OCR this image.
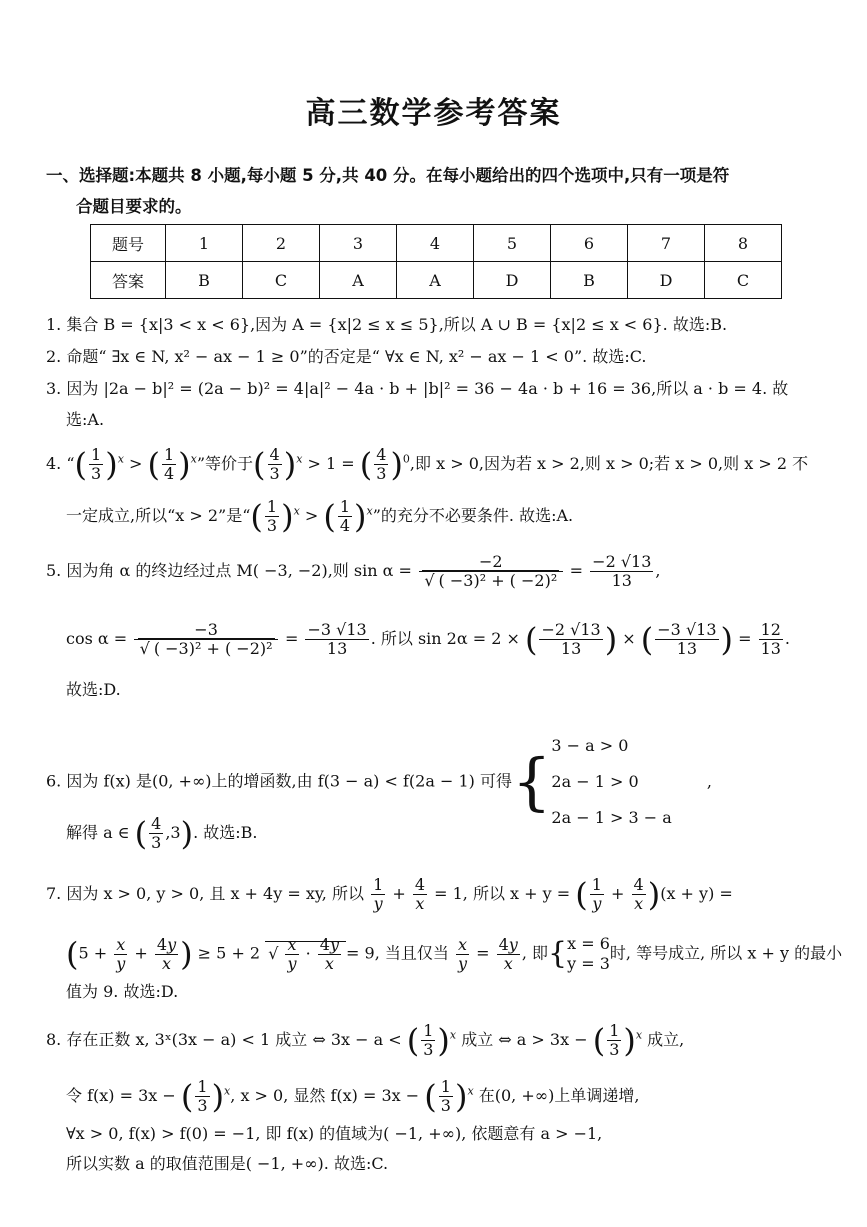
高三数学参考答案
一、选择题:本题共 8 小题,每小题 5 分,共 40 分。在每小题给出的四个选项中,只有一项是符
合题目要求的。
题号	1	2	3	4	5	6	7	8
答案	B	C	A	A	D	B	D	C
1. 集合 B = {x|3 < x < 6},因为 A = {x|2 ≤ x ≤ 5},所以 A ∪ B = {x|2 ≤ x < 6}. 故选:B.
2. 命题“ ∃x ∈ N, x² − ax − 1 ≥ 0”的否定是“ ∀x ∈ N, x² − ax − 1 < 0”. 故选:C.
3. 因为 |2a − b|² = (2a − b)² = 4|a|² − 4a · b + |b|² = 36 − 4a · b + 16 = 36,所以 a · b = 4. 故
选:A.
4. “( $\frac{1}{3} )^x$ > ( $\frac{1}{4} )^x$”等价于( $\frac{4}{3} )^x > 1$ = ( $\frac{4}{3} )^0$,即 x > 0,因为若 x > 2,则 x > 0;若 x > 0,则 x > 2 不
一定成立,所以“x > 2”是“( $\frac{1}{3} )^x$ > ( $\frac{1}{4} )^x$”的充分不必要条件. 故选:A.
5. 因为角 α 的终边经过点 M( −3, −2),则 $\sin \alpha = \frac{-2}{\text{√ ( −3)² + ( −2)²}} = \frac{-2 √13}{13}$ ,
$\cos \alpha = \frac{-3}{\text{√ ( −3)² + ( −2)²}} = \frac{-3 √13}{13}$ . 所以 sin 2α = 2 × ( $\frac{-2 √13}{13}$ ) × ( $\frac{-3 √13}{13}$ ) = $\frac{12}{13}$ .
故选:D.
6. 因为 f(x) 是(0, +∞)上的增函数,由 f(3 − a) < f(2a − 1) 可得{ 3 − a > 0
2a − 1 > 0
2a − 1 > 3 − a
,
解得 a ∈ ( $\frac{4}{3} ,3$). 故选:B.
7. 因为 x > 0, y > 0, 且 x + 4y = xy, 所以 $\frac{1}{y} + \frac{4}{x} = 1$, 所以 x + y = ( $\frac{1}{y} + \frac{4}{x} )(x + y)$ =
($5 + \frac{x}{y} + \frac{4y}{x}$ ) ≥ 5 + 2 √ $\frac{x}{y} \cdot \frac{4y}{x} = 9$, 当且仅当 $\frac{x}{y} = \frac{4y}{x}$ , 即{ x = 6
y = 3
时, 等号成立, 所以 x + y 的最小
值为 9. 故选:D.
8. 存在正数 x, 3ˣ(3x − a) < 1 成立 ⇔ 3x − a < ( $\frac{1}{3} )^x$ 成立 ⇔ a > 3x − ( $\frac{1}{3} )^x$ 成立,
令 f(x) = 3x − ( $\frac{1}{3} )^x$, x > 0, 显然 f(x) = 3x − ( $\frac{1}{3} )^x$ 在(0, +∞)上单调递增,
∀x > 0, f(x) > f(0) = −1, 即 f(x) 的值域为( −1, +∞), 依题意有 a > −1,
所以实数 a 的取值范围是( −1, +∞). 故选:C.
